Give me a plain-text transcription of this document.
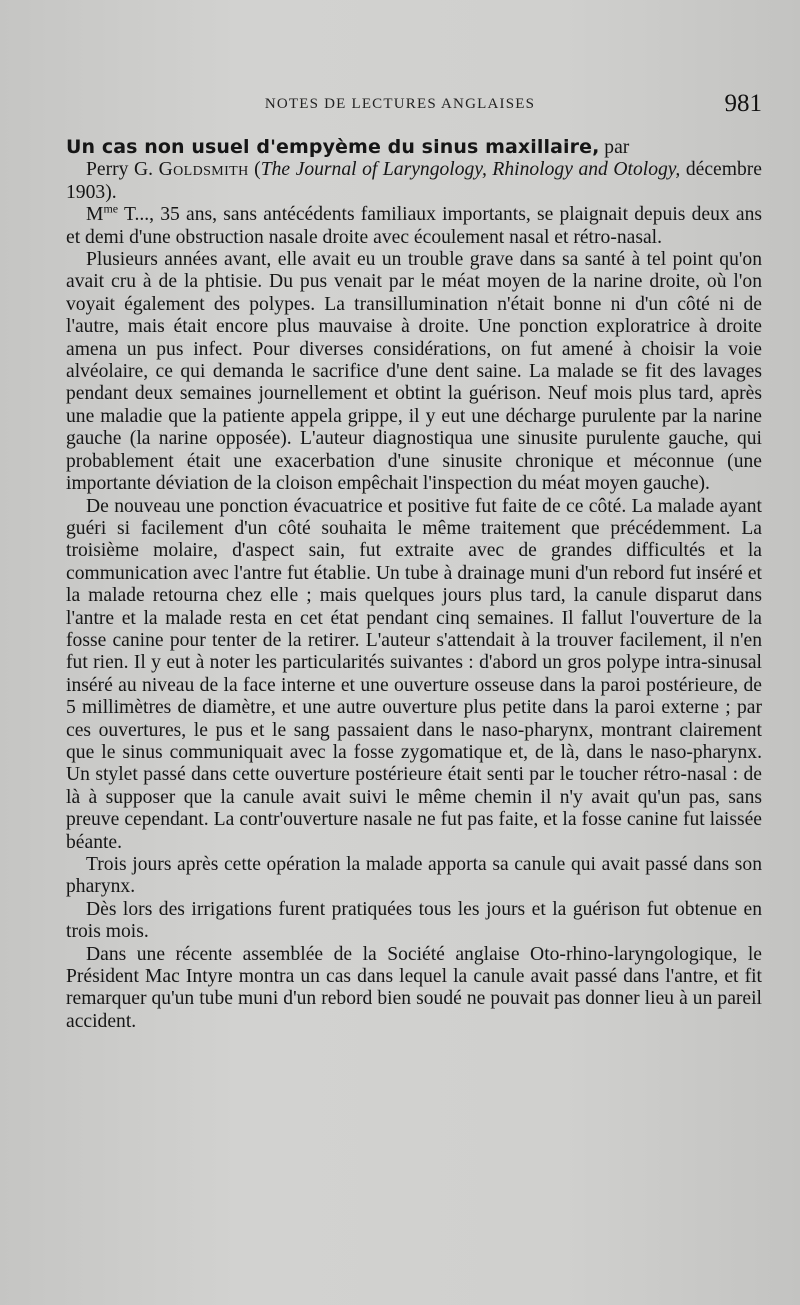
NOTES DE LECTURES ANGLAISES	981

Un cas non usuel d'empyème du sinus maxillaire, par

Perry G. Goldsmith (The Journal of Laryngology, Rhinology and Otology, décembre 1903).

$M^{me}$ T..., 35 ans, sans antécédents familiaux importants, se plaignait depuis deux ans et demi d'une obstruction nasale droite avec écoulement nasal et rétro-nasal.

Plusieurs années avant, elle avait eu un trouble grave dans sa santé à tel point qu'on avait cru à de la phtisie. Du pus venait par le méat moyen de la narine droite, où l'on voyait également des polypes. La transillumination n'était bonne ni d'un côté ni de l'autre, mais était encore plus mauvaise à droite. Une ponction exploratrice à droite amena un pus infect. Pour diverses considérations, on fut amené à choisir la voie alvéolaire, ce qui demanda le sacrifice d'une dent saine. La malade se fit des lavages pendant deux semaines journellement et obtint la guérison. Neuf mois plus tard, après une maladie que la patiente appela grippe, il y eut une décharge purulente par la narine gauche (la narine opposée). L'auteur diagnostiqua une sinusite purulente gauche, qui probablement était une exacerbation d'une sinusite chronique et méconnue (une importante déviation de la cloison empêchait l'inspection du méat moyen gauche).

De nouveau une ponction évacuatrice et positive fut faite de ce côté. La malade ayant guéri si facilement d'un côté souhaita le même traitement que précédemment. La troisième molaire, d'aspect sain, fut extraite avec de grandes difficultés et la communication avec l'antre fut établie. Un tube à drainage muni d'un rebord fut inséré et la malade retourna chez elle ; mais quelques jours plus tard, la canule disparut dans l'antre et la malade resta en cet état pendant cinq semaines. Il fallut l'ouverture de la fosse canine pour tenter de la retirer. L'auteur s'attendait à la trouver facilement, il n'en fut rien. Il y eut à noter les particularités suivantes : d'abord un gros polype intra-sinusal inséré au niveau de la face interne et une ouverture osseuse dans la paroi postérieure, de 5 millimètres de diamètre, et une autre ouverture plus petite dans la paroi externe ; par ces ouvertures, le pus et le sang passaient dans le naso-pharynx, montrant clairement que le sinus communiquait avec la fosse zygomatique et, de là, dans le naso-pharynx. Un stylet passé dans cette ouverture postérieure était senti par le toucher rétro-nasal : de là à supposer que la canule avait suivi le même chemin il n'y avait qu'un pas, sans preuve cependant. La contr'ouverture nasale ne fut pas faite, et la fosse canine fut laissée béante.

Trois jours après cette opération la malade apporta sa canule qui avait passé dans son pharynx.

Dès lors des irrigations furent pratiquées tous les jours et la guérison fut obtenue en trois mois.

Dans une récente assemblée de la Société anglaise Oto-rhino-laryngologique, le Président Mac Intyre montra un cas dans lequel la canule avait passé dans l'antre, et fit remarquer qu'un tube muni d'un rebord bien soudé ne pouvait pas donner lieu à un pareil accident.
